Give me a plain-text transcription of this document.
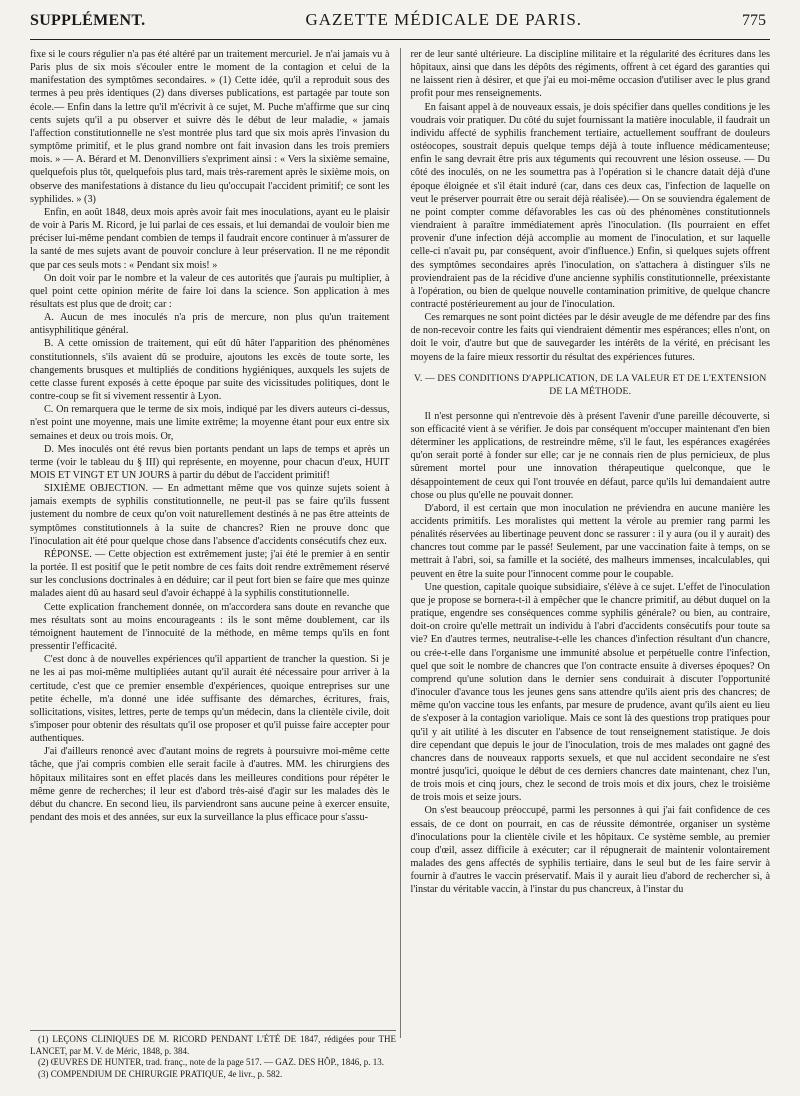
SUPPLÉMENT.	GAZETTE MÉDICALE DE PARIS.	775

fixe si le cours régulier n'a pas été altéré par un traitement mercuriel. Je n'ai jamais vu à Paris plus de six mois s'écouler entre le moment de la contagion et celui de la manifestation des symptômes secondaires. » (1) Cette idée, qu'il a reproduit sous des termes à peu près identiques (2) dans diverses publications, est partagée par toute son école.— Enfin dans la lettre qu'il m'écrivit à ce sujet, M. Puche m'affirme que sur cinq cents sujets qu'il a pu observer et suivre dès le début de leur maladie, « jamais l'affection constitutionnelle ne s'est montrée plus tard que six mois après l'invasion du symptôme primitif, et le plus grand nombre ont fait invasion dans les trois premiers mois. » — A. Bérard et M. Denonvilliers s'expriment ainsi : « Vers la sixième semaine, quelquefois plus tôt, quelquefois plus tard, mais très-rarement après le sixième mois, on observe des manifestations à distance du lieu qu'occupait l'accident primitif; ce sont les syphilides. » (3)

Enfin, en août 1848, deux mois après avoir fait mes inoculations, ayant eu le plaisir de voir à Paris M. Ricord, je lui parlai de ces essais, et lui demandai de vouloir bien me préciser lui-même pendant combien de temps il faudrait encore continuer à m'assurer de la santé de mes sujets avant de pouvoir conclure à leur préservation. Il ne me répondit que par ces seuls mots : « Pendant six mois! »

On doit voir par le nombre et la valeur de ces autorités que j'aurais pu multiplier, à quel point cette opinion mérite de faire loi dans la science. Son application à mes résultats est plus que de droit; car :

A. Aucun de mes inoculés n'a pris de mercure, non plus qu'un traitement antisyphilitique général.

B. A cette omission de traitement, qui eût dû hâter l'apparition des phénomènes constitutionnels, s'ils avaient dû se produire, ajoutons les excès de toute sorte, les changements brusques et multipliés de conditions hygiéniques, auxquels les sujets de cette classe furent exposés à cette époque par suite des vicissitudes politiques, dont le contre-coup se fit si vivement ressentir à Lyon.

C. On remarquera que le terme de six mois, indiqué par les divers auteurs ci-dessus, n'est point une moyenne, mais une limite extrême; la moyenne étant pour eux entre six semaines et deux ou trois mois. Or,

D. Mes inoculés ont été revus bien portants pendant un laps de temps et après un terme (voir le tableau du § III) qui représente, en moyenne, pour chacun d'eux, HUIT MOIS ET VINGT ET UN JOURS à partir du début de l'accident primitif!

SIXIÈME OBJECTION. — En admettant même que vos quinze sujets soient à jamais exempts de syphilis constitutionnelle, ne peut-il pas se faire qu'ils fussent justement du nombre de ceux qu'on voit naturellement destinés à ne pas être atteints de symptômes constitutionnels à la suite de chancres? Rien ne prouve donc que l'inoculation ait été pour quelque chose dans l'absence d'accidents consécutifs chez eux.

RÉPONSE. — Cette objection est extrêmement juste; j'ai été le premier à en sentir la portée. Il est positif que le petit nombre de ces faits doit rendre extrêmement réservé sur les conclusions doctrinales à en déduire; car il peut fort bien se faire que mes quinze malades aient dû au hasard seul d'avoir échappé à la syphilis constitutionnelle.

Cette explication franchement donnée, on m'accordera sans doute en revanche que mes résultats sont au moins encourageants : ils le sont même doublement, car ils témoignent hautement de l'innocuité de la méthode, en même temps qu'ils en font pressentir l'efficacité.

C'est donc à de nouvelles expériences qu'il appartient de trancher la question. Si je ne les ai pas moi-même multipliées autant qu'il aurait été nécessaire pour arriver à la certitude, c'est que ce premier ensemble d'expériences, quoique entreprises sur une petite échelle, m'a donné une idée suffisante des démarches, écritures, frais, sollicitations, visites, lettres, perte de temps qu'un médecin, dans la clientèle civile, doit s'imposer pour obtenir des résultats qu'il ose proposer et qu'il puisse faire accepter pour authentiques.

J'ai d'ailleurs renoncé avec d'autant moins de regrets à poursuivre moi-même cette tâche, que j'ai compris combien elle serait facile à d'autres. MM. les chirurgiens des hôpitaux militaires sont en effet placés dans les meilleures conditions pour répéter le même genre de recherches; il leur est d'abord très-aisé d'agir sur les malades dès le début du chancre. En second lieu, ils parviendront sans aucune peine à exercer ensuite, pendant des mois et des années, sur eux la surveillance la plus efficace pour s'assu-

rer de leur santé ultérieure. La discipline militaire et la régularité des écritures dans les hôpitaux, ainsi que dans les dépôts des régiments, offrent à cet égard des garanties qui ne laissent rien à désirer, et que j'ai eu moi-même occasion d'utiliser avec le plus grand profit pour mes renseignements.

En faisant appel à de nouveaux essais, je dois spécifier dans quelles conditions je les voudrais voir pratiquer. Du côté du sujet fournissant la matière inoculable, il faudrait un individu affecté de syphilis franchement tertiaire, actuellement souffrant de douleurs ostéocopes, soustrait depuis quelque temps déjà à toute influence médicamenteuse; enfin le sang devrait être pris aux téguments qui recouvrent une lésion osseuse. — Du côté des inoculés, on ne les soumettra pas à l'opération si le chancre datait déjà d'une époque éloignée et s'il était induré (car, dans ces deux cas, l'infection de laquelle on veut le préserver pourrait être ou serait déjà réalisée).— On se souviendra également de ne point compter comme défavorables les cas où des phénomènes constitutionnels viendraient à paraître immédiatement après l'inoculation. (Ils pourraient en effet provenir d'une infection déjà accomplie au moment de l'inoculation, et sur laquelle celle-ci n'avait pu, par conséquent, avoir d'influence.) Enfin, si quelques sujets offrent des symptômes secondaires après l'inoculation, on s'attachera à distinguer s'ils ne proviendraient pas de la récidive d'une ancienne syphilis constitutionnelle, préexistante à l'opération, ou bien de quelque nouvelle contamination primitive, de quelque chancre contracté postérieurement au jour de l'inoculation.

Ces remarques ne sont point dictées par le désir aveugle de me défendre par des fins de non-recevoir contre les faits qui viendraient démentir mes espérances; elles n'ont, on doit le voir, d'autre but que de sauvegarder les intérêts de la vérité, en précisant les moyens de la faire mieux ressortir du résultat des expériences futures.

V. — DES CONDITIONS D'APPLICATION, DE LA VALEUR ET DE L'EXTENSION DE LA MÉTHODE.

Il n'est personne qui n'entrevoie dès à présent l'avenir d'une pareille découverte, si son efficacité vient à se vérifier. Je dois par conséquent m'occuper maintenant d'en bien déterminer les applications, de restreindre même, s'il le faut, les espérances exagérées qu'on serait porté à fonder sur elle; car je ne connais rien de plus pernicieux, de plus sûrement mortel pour une innovation thérapeutique quelconque, que le désappointement de ceux qui l'ont trouvée en défaut, parce qu'ils lui demandaient autre chose ou plus qu'elle ne pouvait donner.

D'abord, il est certain que mon inoculation ne préviendra en aucune manière les accidents primitifs. Les moralistes qui mettent la vérole au premier rang parmi les pénalités réservées au libertinage peuvent donc se rassurer : il y aura (ou il y aurait) des chancres tout comme par le passé! Seulement, par une vaccination faite à temps, on se mettrait à l'abri, soi, sa famille et la société, des malheurs immenses, incalculables, qui peuvent en être la suite pour l'innocent comme pour le coupable.

Une question, capitale quoique subsidiaire, s'élève à ce sujet. L'effet de l'inoculation que je propose se bornera-t-il à empêcher que le chancre primitif, au début duquel on la pratique, engendre ses conséquences comme syphilis générale? ou bien, au contraire, doit-on croire qu'elle mettrait un individu à l'abri d'accidents consécutifs pour toute sa vie? En d'autres termes, neutralise-t-elle les chances d'infection résultant d'un chancre, ou crée-t-elle dans l'organisme une immunité absolue et perpétuelle contre l'infection, quel que soit le nombre de chancres que l'on contracte ensuite à diverses époques? On comprend qu'une solution dans le dernier sens conduirait à discuter l'opportunité d'inoculer d'avance tous les jeunes gens sans attendre qu'ils aient pris des chancres; de même qu'on vaccine tous les enfants, par mesure de prudence, avant qu'ils aient eu lieu de s'exposer à la contagion variolique. Mais ce sont là des questions trop pratiques pour qu'il y ait utilité à les discuter en l'absence de tout renseignement statistique. Je dois dire cependant que depuis le jour de l'inoculation, trois de mes malades ont gagné des chancres dans de nouveaux rapports sexuels, et que nul accident secondaire ne s'est montré jusqu'ici, quoique le début de ces derniers chancres date maintenant, chez l'un, de trois mois et cinq jours, chez le second de trois mois et dix jours, chez le troisième de trois mois et seize jours.

On s'est beaucoup préoccupé, parmi les personnes à qui j'ai fait confidence de ces essais, de ce dont on pourrait, en cas de réussite démontrée, organiser un système d'inoculations pour la clientèle civile et les hôpitaux. Ce système semble, au premier coup d'œil, assez difficile à exécuter; car il répugnerait de maintenir volontairement malades des gens affectés de syphilis tertiaire, dans le seul but de les faire servir à fournir à d'autres le vaccin préservatif. Mais il y aurait lieu d'abord de rechercher si, à l'instar du véritable vaccin, à l'instar du pus chancreux, à l'instar du

(1) LEÇONS CLINIQUES DE M. RICORD PENDANT L'ÉTÉ DE 1847, rédigées pour THE LANCET, par M. V. de Méric, 1848, p. 384.

(2) ŒUVRES DE HUNTER, trad. franç., note de la page 517. — GAZ. DES HÔP., 1846, p. 13.

(3) COMPENDIUM DE CHIRURGIE PRATIQUE, 4e livr., p. 582.
